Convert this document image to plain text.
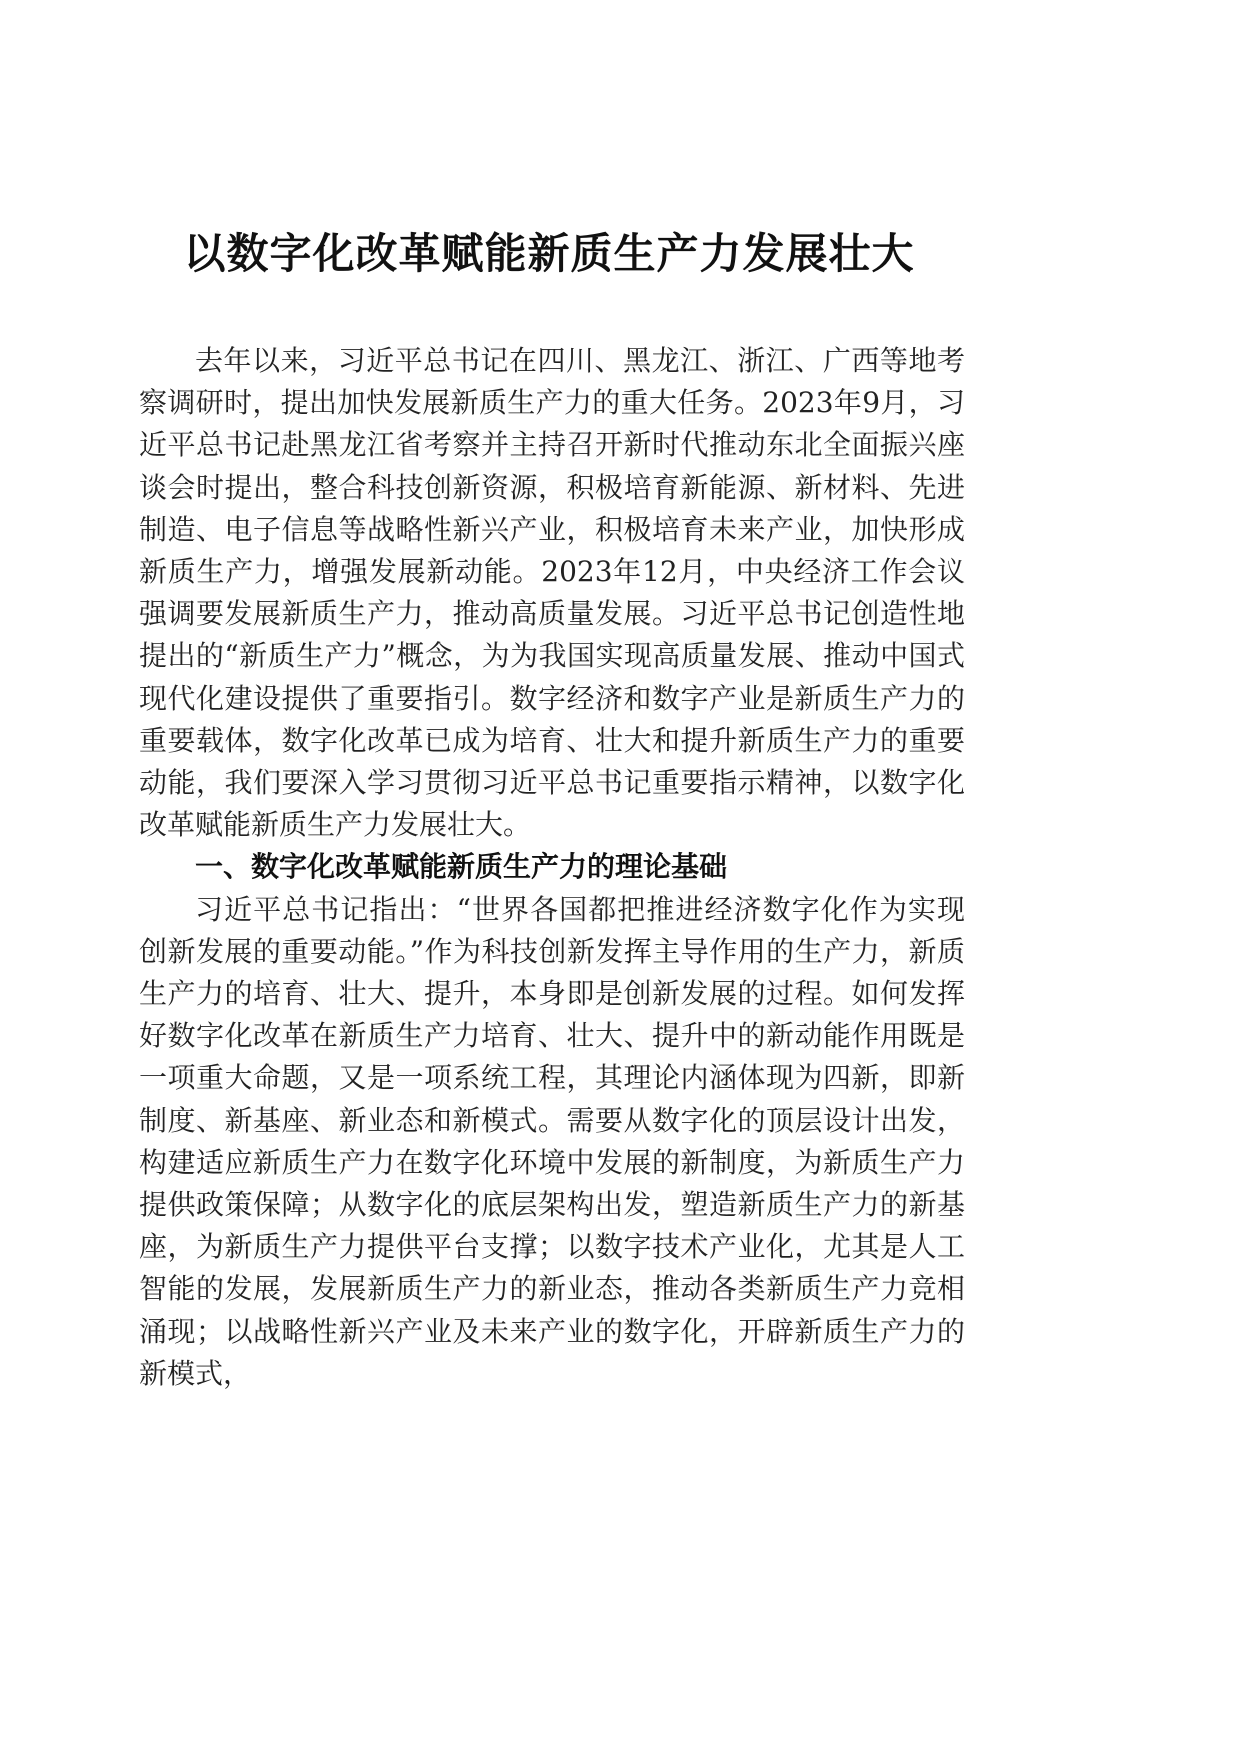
以数字化改革赋能新质生产力发展壮大

去年以来，习近平总书记在四川、黑龙江、浙江、广西等地考察调研时，提出加快发展新质生产力的重大任务。2023年9月，习近平总书记赴黑龙江省考察并主持召开新时代推动东北全面振兴座谈会时提出，整合科技创新资源，积极培育新能源、新材料、先进制造、电子信息等战略性新兴产业，积极培育未来产业，加快形成新质生产力，增强发展新动能。2023年12月，中央经济工作会议强调要发展新质生产力，推动高质量发展。习近平总书记创造性地提出的“新质生产力”概念，为为我国实现高质量发展、推动中国式现代化建设提供了重要指引。数字经济和数字产业是新质生产力的重要载体，数字化改革已成为培育、壮大和提升新质生产力的重要动能，我们要深入学习贯彻习近平总书记重要指示精神，以数字化改革赋能新质生产力发展壮大。

一、数字化改革赋能新质生产力的理论基础

习近平总书记指出：“世界各国都把推进经济数字化作为实现创新发展的重要动能。”作为科技创新发挥主导作用的生产力，新质生产力的培育、壮大、提升，本身即是创新发展的过程。如何发挥好数字化改革在新质生产力培育、壮大、提升中的新动能作用既是一项重大命题，又是一项系统工程，其理论内涵体现为四新，即新制度、新基座、新业态和新模式。需要从数字化的顶层设计出发，构建适应新质生产力在数字化环境中发展的新制度，为新质生产力提供政策保障；从数字化的底层架构出发，塑造新质生产力的新基座，为新质生产力提供平台支撑；以数字技术产业化，尤其是人工智能的发展，发展新质生产力的新业态，推动各类新质生产力竞相涌现；以战略性新兴产业及未来产业的数字化，开辟新质生产力的新模式，
